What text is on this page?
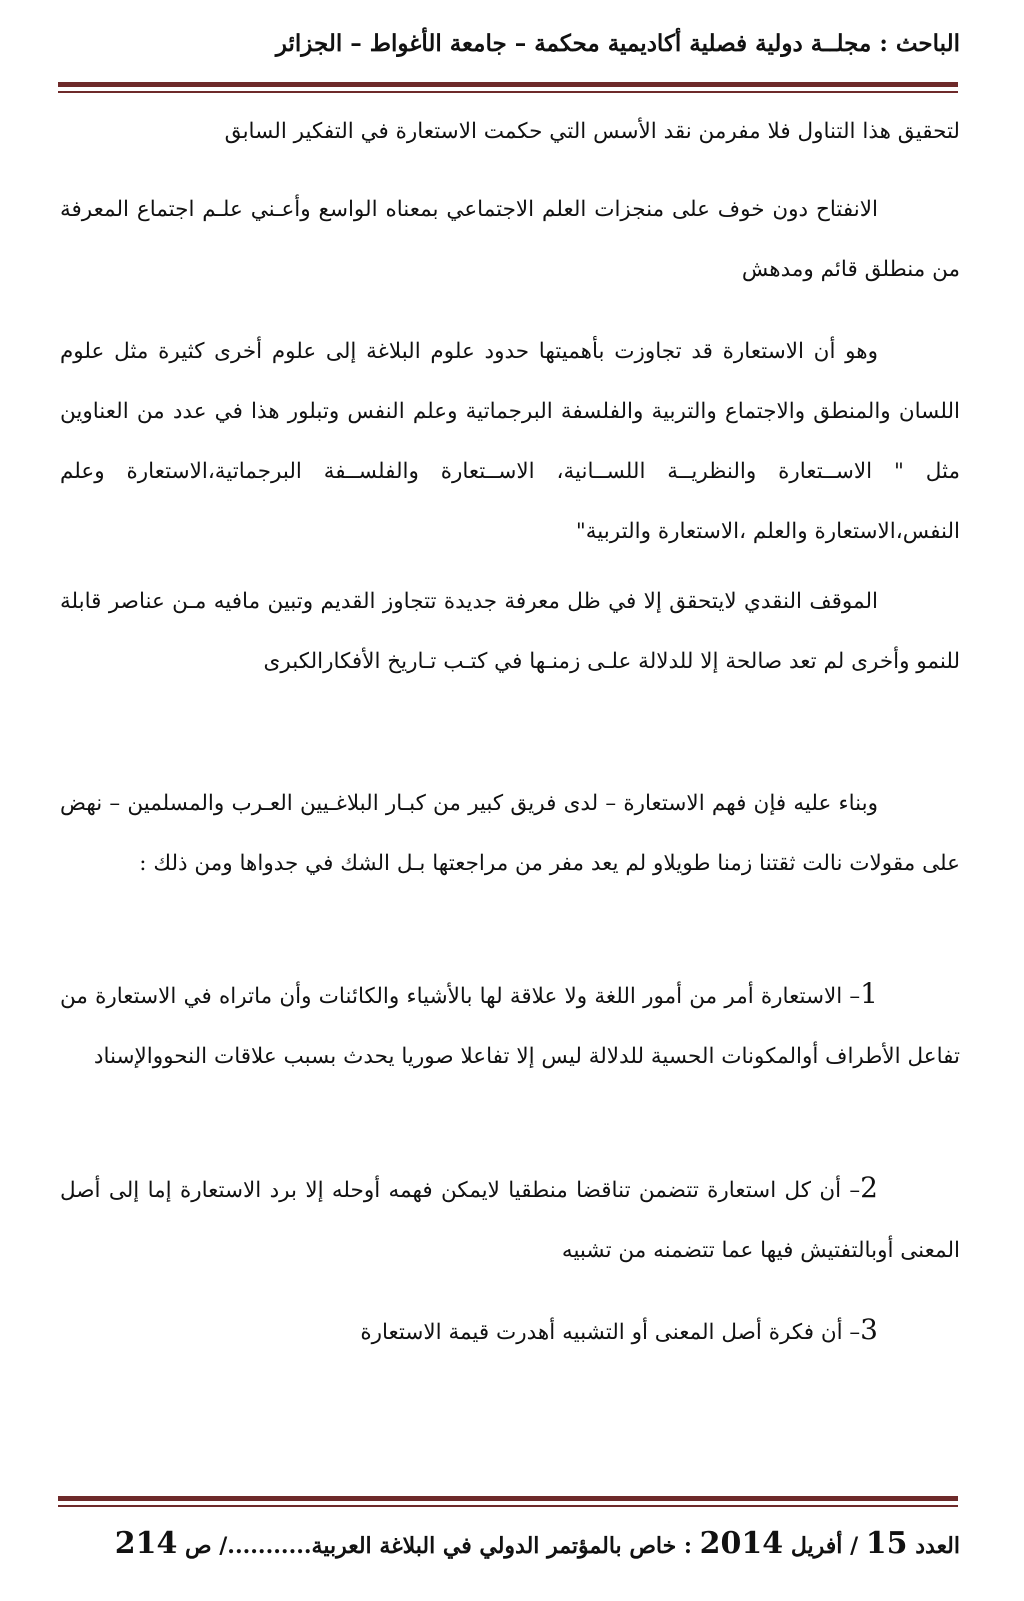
الباحث : مجلــة دولية فصلية أكاديمية محكمة – جامعة الأغواط – الجزائر

لتحقيق هذا التناول فلا مفرمن نقد الأسس التي حكمت الاستعارة في التفكير السابق

الانفتاح دون خوف على منجزات العلم الاجتماعي بمعناه الواسع وأعـني علـم اجتماع المعرفة من منطلق قائم ومدهش

وهو أن الاستعارة قد تجاوزت بأهميتها حدود علوم البلاغة إلى علوم أخرى كثيرة مثل علوم اللسان والمنطق والاجتماع والتربية والفلسفة البرجماتية وعلم النفس وتبلور هذا في عدد من العناوين مثل " الاســتعارة والنظريــة اللســانية، الاســتعارة والفلســفة البرجماتية،الاستعارة وعلم النفس،الاستعارة والعلم ،الاستعارة والتربية"

الموقف النقدي لايتحقق إلا في ظل معرفة جديدة تتجاوز القديم وتبين مافيه مـن عناصر قابلة للنمو وأخرى لم تعد صالحة إلا للدلالة علـى زمنـها في كتـب تـاريخ الأفكارالكبرى

وبناء عليه فإن فهم الاستعارة – لدى فريق كبير من كبـار البلاغـيين العـرب والمسلمين – نهض على مقولات نالت ثقتنا زمنا طويلاو لم يعد مفر من مراجعتها بـل الشك في جدواها ومن ذلك :

1– الاستعارة أمر من أمور اللغة ولا علاقة لها بالأشياء والكائنات وأن ماتراه في الاستعارة من تفاعل الأطراف أوالمكونات الحسية للدلالة ليس إلا تفاعلا صوريا يحدث بسبب علاقات النحووالإسناد

2– أن كل استعارة تتضمن تناقضا منطقيا لايمكن فهمه أوحله إلا برد الاستعارة إما إلى أصل المعنى أوبالتفتيش فيها عما تتضمنه من تشبيه

3– أن فكرة أصل المعنى أو التشبيه أهدرت قيمة الاستعارة

العدد 15 / أفريل 2014 : خاص بالمؤتمر الدولي في البلاغة العربية.........../ ص 214
